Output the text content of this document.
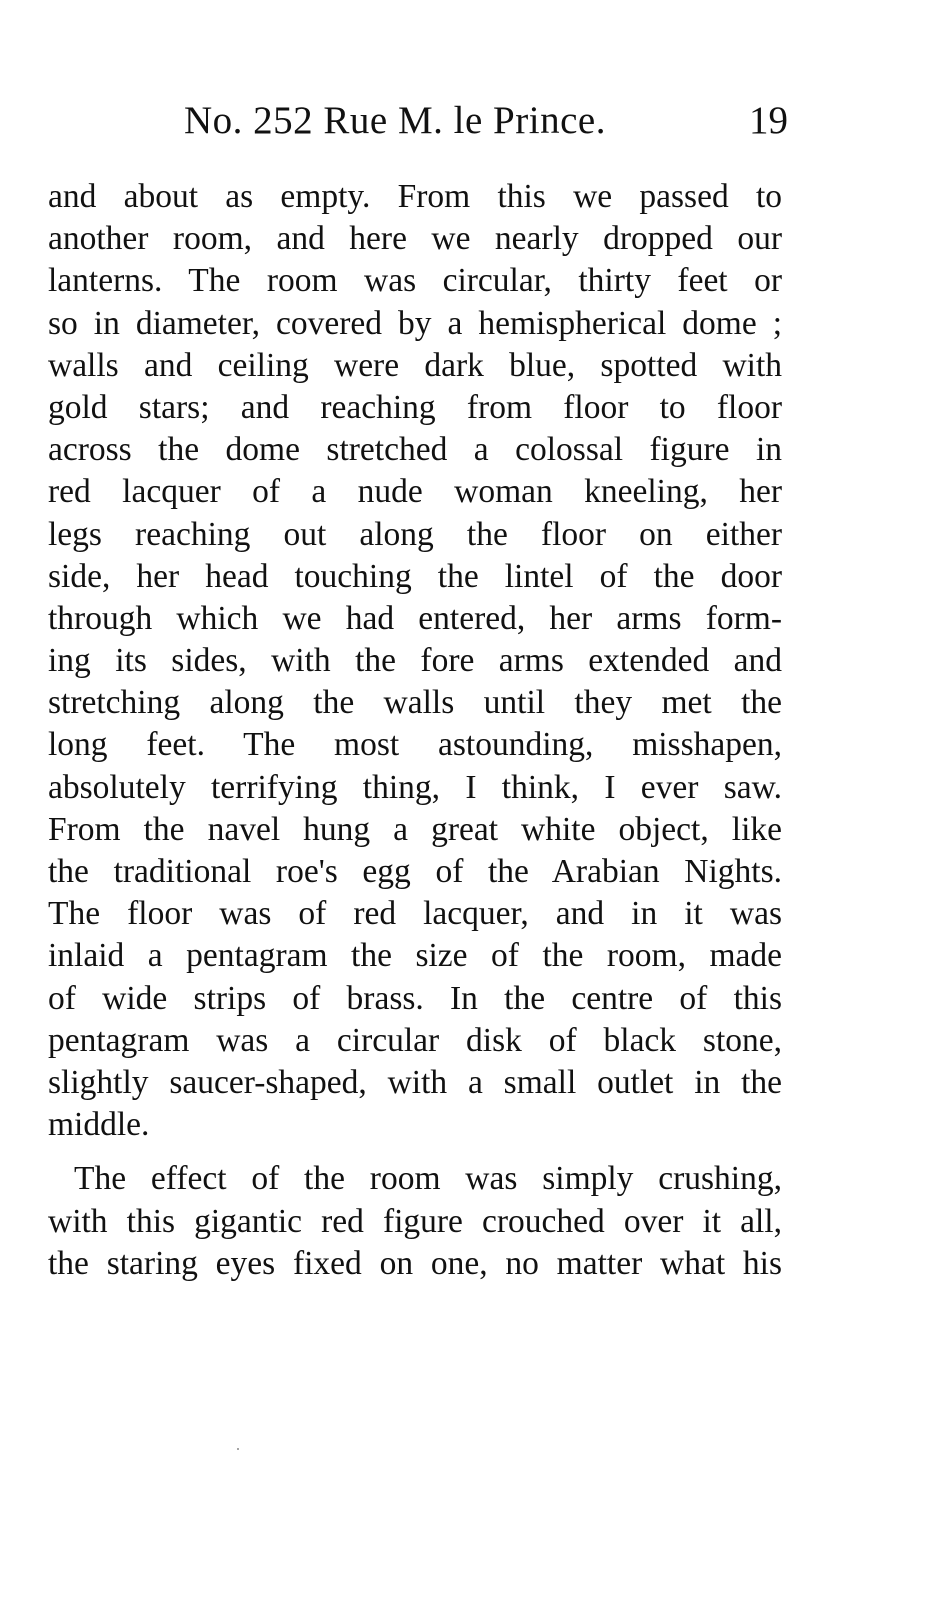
No. 252 Rue M. le Prince.	19
and about as empty. From this we passed to
another room, and here we nearly dropped our
lanterns. The room was circular, thirty feet or
so in diameter, covered by a hemispherical dome ;
walls and ceiling were dark blue, spotted with
gold stars; and reaching from floor to floor
across the dome stretched a colossal figure in
red lacquer of a nude woman kneeling, her
legs reaching out along the floor on either
side, her head touching the lintel of the door
through which we had entered, her arms form-
ing its sides, with the fore arms extended and
stretching along the walls until they met the
long feet. The most astounding, misshapen,
absolutely terrifying thing, I think, I ever saw.
From the navel hung a great white object, like
the traditional roe's egg of the Arabian Nights.
The floor was of red lacquer, and in it was
inlaid a pentagram the size of the room, made
of wide strips of brass. In the centre of this
pentagram was a circular disk of black stone,
slightly saucer-shaped, with a small outlet in the
middle.
The effect of the room was simply crushing,
with this gigantic red figure crouched over it all,
the staring eyes fixed on one, no matter what his
